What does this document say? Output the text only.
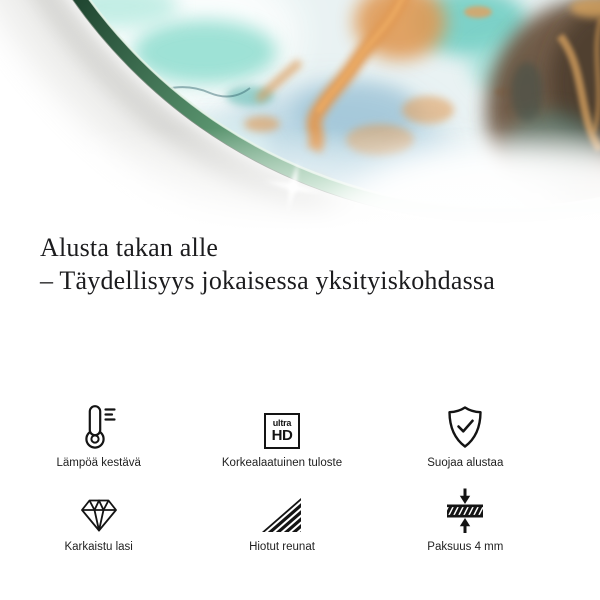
Alusta takan alle
– Täydellisyys jokaisessa yksityiskohdassa

Lämpöä kestävä
ultra
HD
Korkealaatuinen tuloste	Suojaa alustaa
Karkaistu lasi	Hiotut reunat	Paksuus 4 mm
